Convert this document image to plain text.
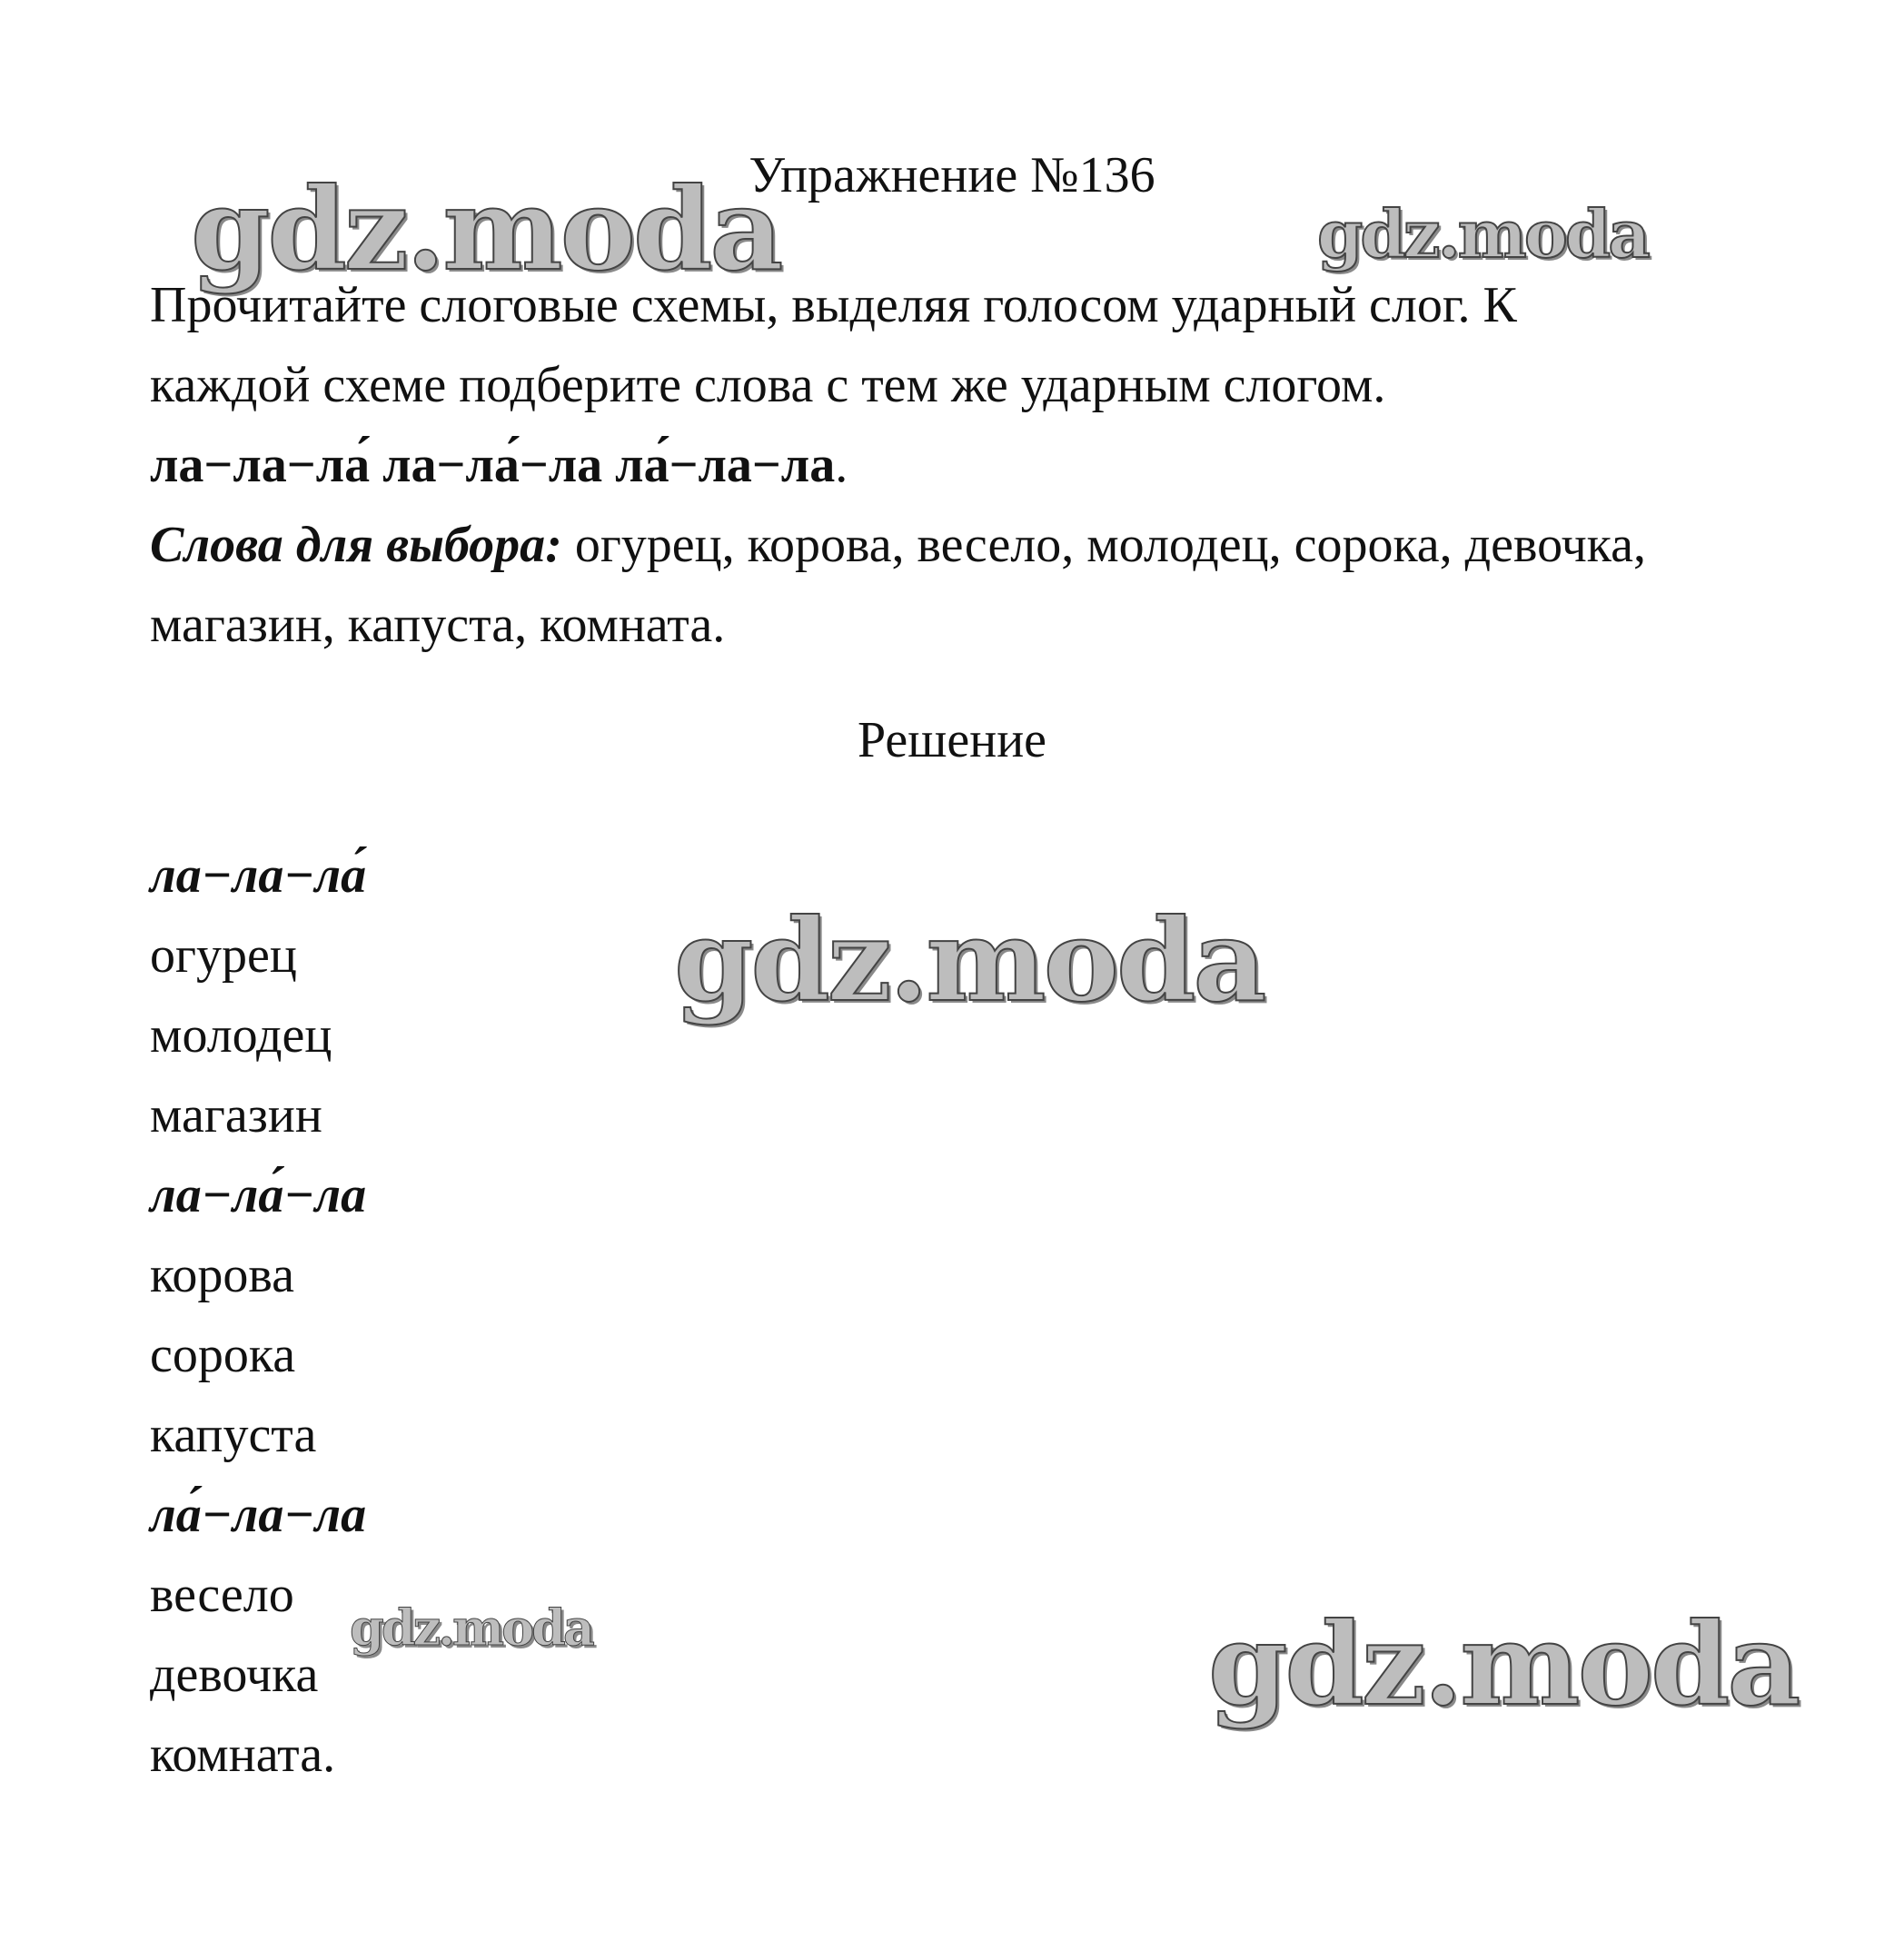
Упражнение №136
gdz.moda	gdz.moda

Прочитайте слоговые схемы, выделяя голосом ударный слог. К

каждой схеме подберите слова с тем же ударным слогом.

ла−ла−ла́ ла−ла́−ла ла́−ла−ла.

Слова для выбора: огурец, корова, весело, молодец, сорока, девочка,

магазин, капуста, комната.

Решение
ла−ла−ла́
огурец
молодец
магазин
ла−ла́−ла
корова
сорока
капуста
ла́−ла−ла
весело
девочка
комната.
gdz.moda
gdz.moda	gdz.moda
